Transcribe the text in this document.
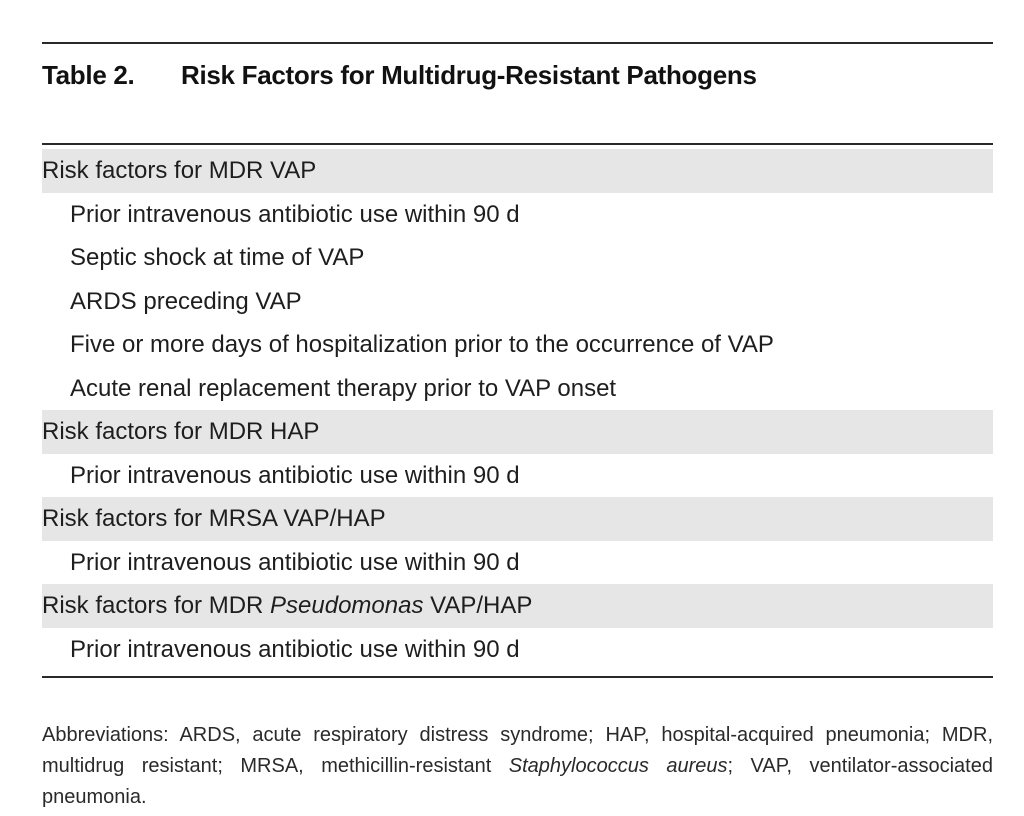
Table 2. Risk Factors for Multidrug-Resistant Pathogens
Risk factors for MDR VAP
Prior intravenous antibiotic use within 90 d
Septic shock at time of VAP
ARDS preceding VAP
Five or more days of hospitalization prior to the occurrence of VAP
Acute renal replacement therapy prior to VAP onset
Risk factors for MDR HAP
Prior intravenous antibiotic use within 90 d
Risk factors for MRSA VAP/HAP
Prior intravenous antibiotic use within 90 d
Risk factors for MDR Pseudomonas VAP/HAP
Prior intravenous antibiotic use within 90 d

Abbreviations: ARDS, acute respiratory distress syndrome; HAP, hospital-acquired pneumonia; MDR, multidrug resistant; MRSA, methicillin-resistant Staphylococcus aureus; VAP, ventilator-associated pneumonia.
